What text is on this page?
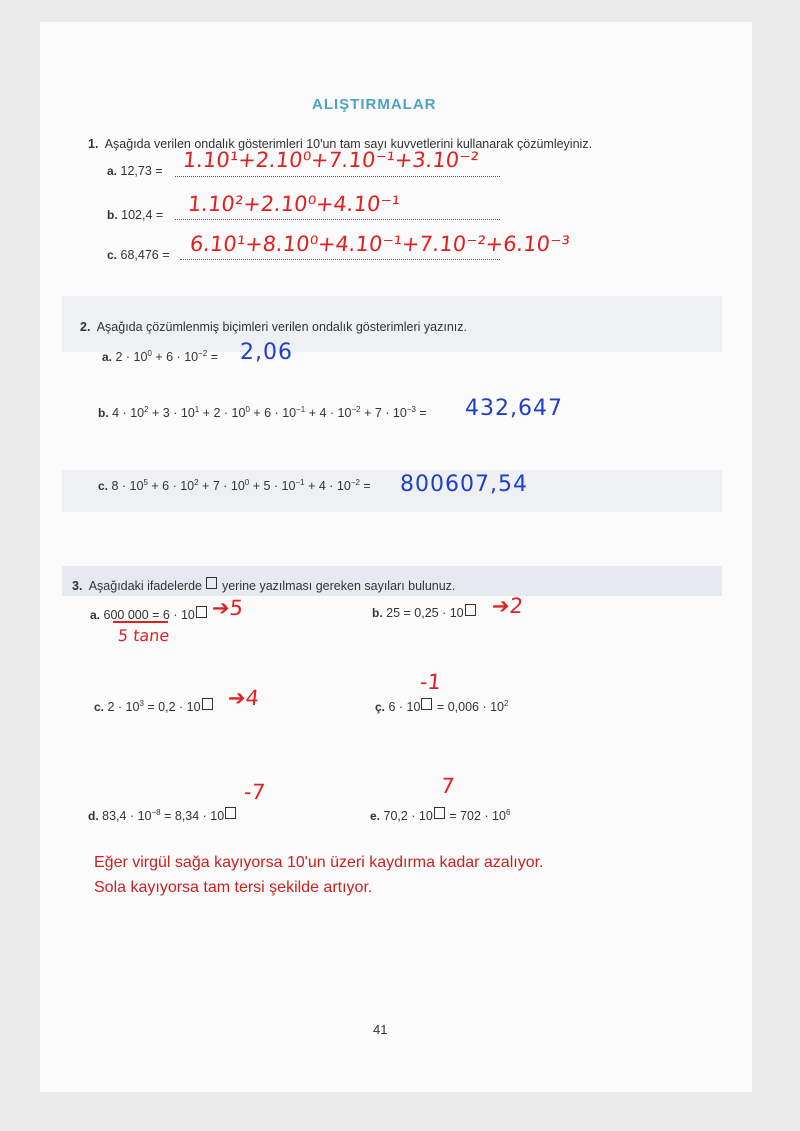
ALIŞTIRMALAR
1. Aşağıda verilen ondalık gösterimleri 10'un tam sayı kuvvetlerini kullanarak çözümleyiniz.
a. 12,73 = 1.10¹+2.10⁰+7.10⁻¹+3.10⁻²
b. 102,4 = 1.10²+2.10⁰+4.10⁻¹
c. 68,476 = 6.10¹+8.10⁰+4.10⁻¹+7.10⁻²+6.10⁻³
2. Aşağıda çözümlenmiş biçimleri verilen ondalık gösterimleri yazınız.
a. $2 \cdot 10^0 + 6 \cdot 10^{-2} = 2,06$
b. $4 \cdot 10^2 + 3 \cdot 10^1 + 2 \cdot 10^0 + 6 \cdot 10^{-1} + 4 \cdot 10^{-2} + 7 \cdot 10^{-3} = 432,647$
c. $8 \cdot 10^5 + 6 \cdot 10^2 + 7 \cdot 10^0 + 5 \cdot 10^{-1} + 4 \cdot 10^{-2} = 800607,54$
3. Aşağıdaki ifadelerde yerine yazılması gereken sayıları bulunuz.
a. 600 000 = 6 · 10 ➔5
5 tane
b. 25 = 0,25 · 10	➔2
c. $2 \cdot 10^3 = 0,2 \cdot 10$	➔4	ç. $6 \cdot 10 = 0,006 \cdot 10^2$
-1
d. $83,4 \cdot 10^{-8} = 8,34 \cdot 10$
-7
e. $70,2 \cdot 10 = 702 \cdot 10^6$
7
Eğer virgül sağa kayıyorsa 10'un üzeri kaydırma kadar azalıyor.
Sola kayıyorsa tam tersi şekilde artıyor.
41
